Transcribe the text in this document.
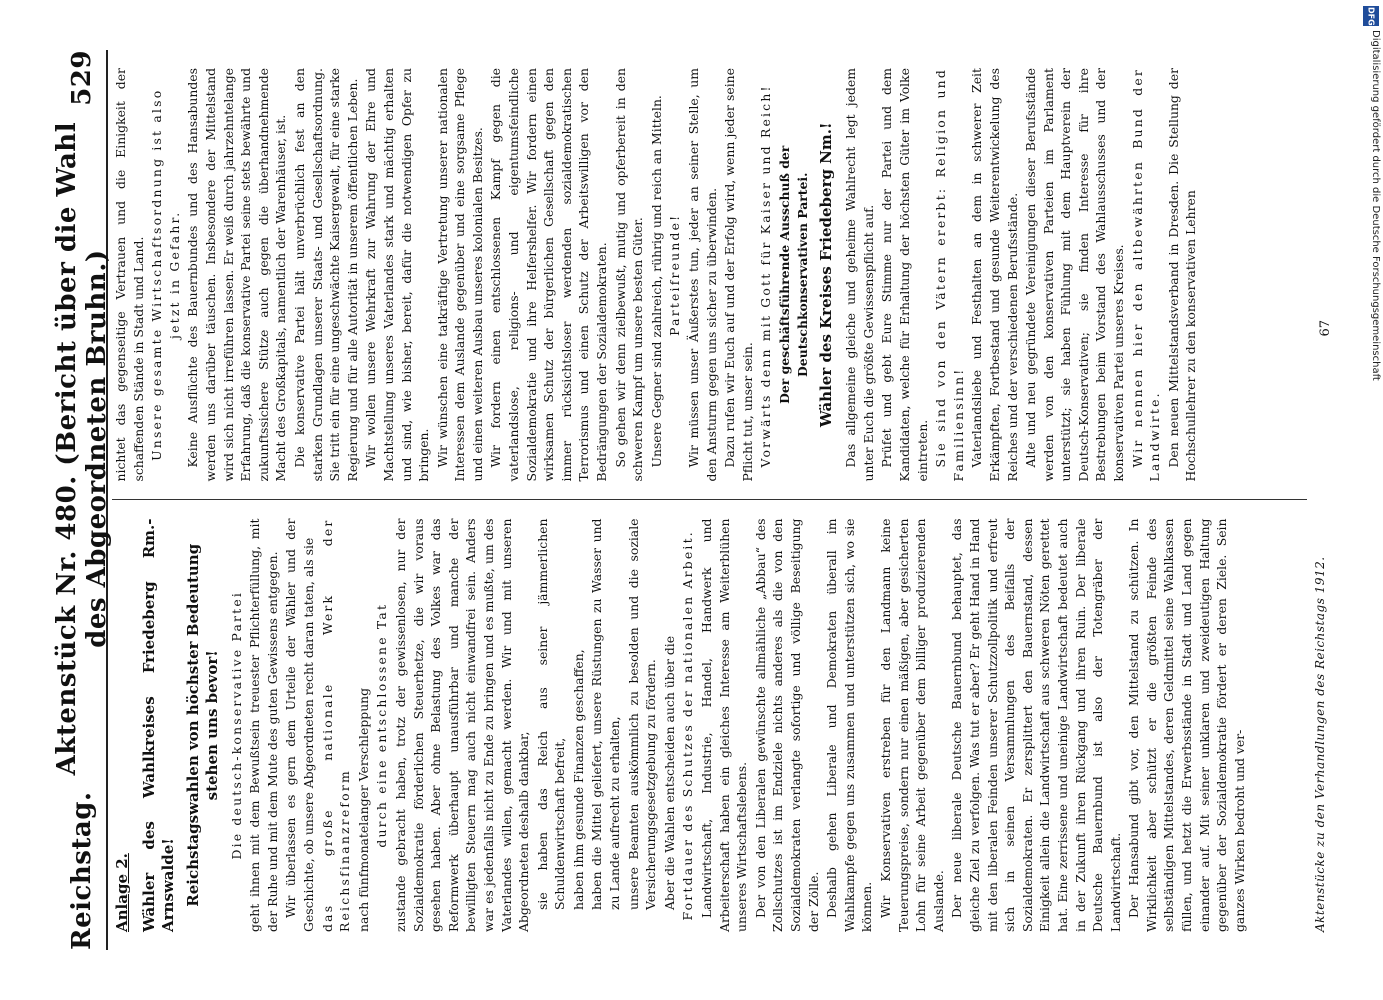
Reichstag.
Aktenstück Nr. 480. (Bericht über die Wahl des Abgeordneten Bruhn.)
529

Anlage 2. Wähler des Wahlkreises Friedeberg Rm.-Arnswalde! Reichstagswahlen von höchster Bedeutung stehen uns bevor! Die deutsch-konservative Partei geht ihnen mit dem Bewußtsein treuester Pflichterfüllung, mit der Ruhe und mit dem Mute des guten Gewissens entgegen. Wir überlassen es gern dem Urteile der Wähler und der Geschichte, ob unsere Abgeordneten recht daran taten, als sie das große nationale Werk der Reichsfinanzreform nach fünfmonatelanger Verschleppung durch eine entschlossene Tat zustande gebracht haben, trotz der gewissenlosen, nur der Sozialdemokratie förderlichen Steuerhetze, die wir voraus gesehen haben. Aber ohne Belastung des Volkes war das Reformwerk überhaupt unausführbar und manche der bewilligten Steuern mag auch nicht einwandfrei sein. Anders war es jedenfalls nicht zu Ende zu bringen und es mußte, um des Vaterlandes willen, gemacht werden. Wir und mit unseren Abgeordneten deshalb dankbar, sie haben das Reich aus seiner jämmerlichen Schuldenwirtschaft befreit, haben ihm gesunde Finanzen geschaffen, haben die Mittel geliefert, unsere Rüstungen zu Wasser und zu Lande aufrecht zu erhalten, unsere Beamten auskömmlich zu besolden und die soziale Versicherungsgesetzgebung zu fördern. Aber die Wahlen entscheiden auch über die Fortdauer des Schutzes der nationalen Arbeit. Landwirtschaft, Industrie, Handel, Handwerk und Arbeiterschaft haben ein gleiches Interesse am Weiterblühen unseres Wirtschaftslebens. Der von den Liberalen gewünschte allmähliche „Abbau“ des Zollschutzes ist im Endziele nichts anderes als die von den Sozialdemokraten verlangte sofortige und völlige Beseitigung der Zölle. Deshalb gehen Liberale und Demokraten überall im Wahlkampfe gegen uns zusammen und unterstützen sich, wo sie können. Wir Konservativen erstreben für den Landmann keine Teuerungspreise, sondern nur einen mäßigen, aber gesicherten Lohn für seine Arbeit gegenüber dem billiger produzierenden Auslande. Der neue liberale Deutsche Bauernbund behauptet, das gleiche Ziel zu verfolgen. Was tut er aber? Er geht Hand in Hand mit den liberalen Feinden unserer Schutzzollpolitik und erfreut sich in seinen Versammlungen des Beifalls der Sozialdemokraten. Er zersplittert den Bauernstand, dessen Einigkeit allein die Landwirtschaft aus schweren Nöten gerettet hat. Eine zerrissene und uneinige Landwirtschaft bedeutet auch in der Zukunft ihren Rückgang und ihren Ruin. Der liberale Deutsche Bauernbund ist also der Totengräber der Landwirtschaft. Der Hansabund gibt vor, den Mittelstand zu schützen. In Wirklichkeit aber schützt er die größten Feinde des selbständigen Mittelstandes, deren Geldmittel seine Wahlkassen füllen, und hetzt die Erwerbsstände in Stadt und Land gegen einander auf. Mit seiner unklaren und zweideutigen Haltung gegenüber der Sozialdemokratie fördert er deren Ziele. Sein ganzes Wirken bedroht und ver-

nichtet das gegenseitige Vertrauen und die Einigkeit der schaffenden Stände in Stadt und Land. Unsere gesamte Wirtschaftsordnung ist also jetzt in Gefahr. Keine Ausflüchte des Bauernbundes und des Hansabundes werden uns darüber täuschen. Insbesondere der Mittelstand wird sich nicht irreführen lassen. Er weiß durch jahrzehntelange Erfahrung, daß die konservative Partei seine stets bewährte und zukunftssichere Stütze auch gegen die überhandnehmende Macht des Großkapitals, namentlich der Warenhäuser, ist. Die konservative Partei hält unverbrüchlich fest an den starken Grundlagen unserer Staats- und Gesellschaftsordnung. Sie tritt ein für eine ungeschwächte Kaisergewalt, für eine starke Regierung und für alle Autorität in unserem öffentlichen Leben. Wir wollen unsere Wehrkraft zur Wahrung der Ehre und Machtstellung unseres Vaterlandes stark und mächtig erhalten und sind, wie bisher, bereit, dafür die notwendigen Opfer zu bringen. Wir wünschen eine tatkräftige Vertretung unserer nationalen Interessen dem Auslande gegenüber und eine sorgsame Pflege und einen weiteren Ausbau unseres kolonialen Besitzes. Wir fordern einen entschlossenen Kampf gegen die vaterlandslose, religions- und eigentumsfeindliche Sozialdemokratie und ihre Helfershelfer. Wir fordern einen wirksamen Schutz der bürgerlichen Gesellschaft gegen den immer rücksichtsloser werdenden sozialdemokratischen Terrorismus und einen Schutz der Arbeitswilligen vor den Bedrängungen der Sozialdemokraten. So gehen wir denn zielbewußt, mutig und opferbereit in den schweren Kampf um unsere besten Güter. Unsere Gegner sind zahlreich, rührig und reich an Mitteln. Parteifreunde! Wir müssen unser Äußerstes tun, jeder an seiner Stelle, um den Ansturm gegen uns sicher zu überwinden. Dazu rufen wir Euch auf und der Erfolg wird, wenn jeder seine Pflicht tut, unser sein. Vorwärts denn mit Gott für Kaiser und Reich! Der geschäftsführende Ausschuß der Deutschkonservativen Partei. Wähler des Kreises Friedeberg Nm.! Das allgemeine gleiche und geheime Wahlrecht legt jedem unter Euch die größte Gewissenspflicht auf. Prüfet und gebt Eure Stimme nur der Partei und dem Kandidaten, welche für Erhaltung der höchsten Güter im Volke eintreten. Sie sind von den Vätern ererbt: Religion und Familiensinn! Vaterlandsliebe und Festhalten an dem in schwerer Zeit Erkämpften, Fortbestand und gesunde Weiterentwickelung des Reiches und der verschiedenen Berufsstände. Alte und neu gegründete Vereinigungen dieser Berufsstände werden von den konservativen Parteien im Parlament unterstützt; sie haben Fühlung mit dem Hauptverein der Deutsch-Konservativen; sie finden Interesse für ihre Bestrebungen beim Vorstand des Wahlausschusses und der konservativen Partei unseres Kreises. Wir nennen hier den altbewährten Bund der Landwirte. Den neuen Mittelstandsverband in Dresden. Die Stellung der Hochschullehrer zu den konservativen Lehren

Aktenstücke zu den Verhandlungen des Reichstags 1912.
67
DFG
Digitalisierung gefördert durch die Deutsche Forschungsgemeinschaft
